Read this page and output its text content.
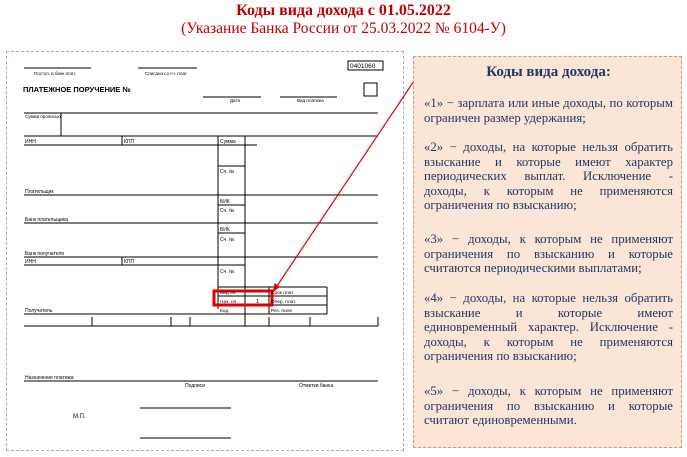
Коды вида дохода с 01.05.2022
(Указание Банка России от 25.03.2022 № 6104-У)
0401060
Поступ. в банк плат.	Списано со сч. плат.
ПЛАТЕЖНОЕ ПОРУЧЕНИЕ №
Дата	Вид платежа
Сумма прописью
ИНН	КПП	Сумма
Сч. №
Плательщик
БИК
Сч. №
Банк плательщика
БИК
Сч. №
Банк получателя
ИНН	КПП
Сч. №
Вид оп.	Срок плат.
Наз. пл.	1 Очер. плат.
Код	Рез. поле
Получатель
Назначение платежа
Подписи	Отметки банка
М.П.
Коды вида дохода:
«1» − зарплата или иные доходы, по которым ограничен размер удержания;
«2» − доходы, на которые нельзя обратить взыскание и которые имеют характер периодических выплат. Исключение - доходы, к которым не применяются ограничения по взысканию;
«3» − доходы, к которым не применяют ограничения по взысканию и которые считаются периодическими выплатами;
«4» − доходы, на которые нельзя обратить взыскание и которые имеют единовременный характер. Исключение - доходы, к которым не применяются ограничения по взысканию;
«5» − доходы, к которым не применяют ограничения по взысканию и которые считают единовременными.
